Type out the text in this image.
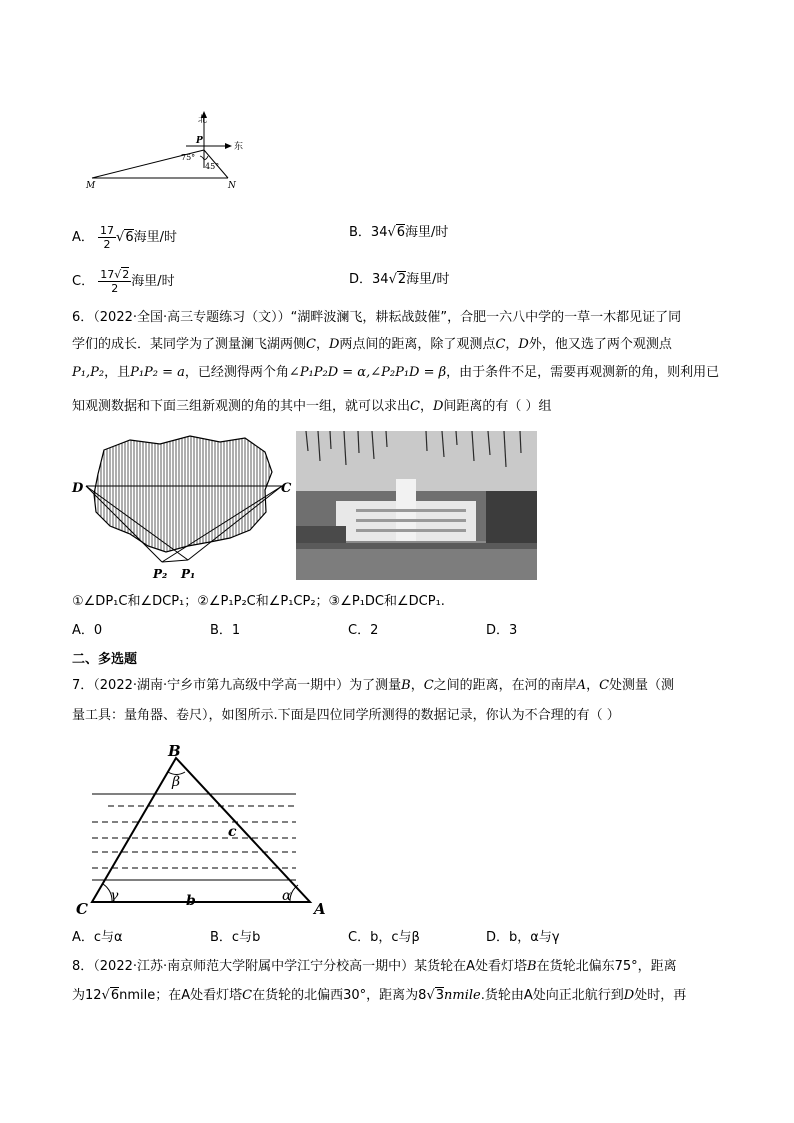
北
东
P
M	N
75°
45°
A． $\frac{17}{2} √6$海里/时	B．34√6海里/时
C． $\frac{17√2}{2}$ 海里/时	D．34√2海里/时
6．（2022·全国·高三专题练习（文））“湖畔波澜飞，耕耘战鼓催”，合肥一六八中学的一草一木都见证了同
学们的成长．某同学为了测量澜飞湖两侧C，D两点间的距离，除了观测点C，D外，他又选了两个观测点
P₁,P₂，且P₁P₂ = a，已经测得两个角∠P₁P₂D = α,∠P₂P₁D = β，由于条件不足，需要再观测新的角，则利用已
知观测数据和下面三组新观测的角的其中一组，就可以求出C，D间距离的有（ ）组
D	C
P₂ P₁
①∠DP₁C和∠DCP₁；②∠P₁P₂C和∠P₁CP₂；③∠P₁DC和∠DCP₁.
A．0	B．1	C．2	D．3
二、多选题
7．（2022·湖南·宁乡市第九高级中学高一期中）为了测量B，C之间的距离，在河的南岸A，C处测量（测
量工具：量角器、卷尺），如图所示.下面是四位同学所测得的数据记录，你认为不合理的有（ ）
B
β
c
γ	α
b
C	A
A．c与α	B．c与b	C．b，c与β	D．b，α与γ
8．（2022·江苏·南京师范大学附属中学江宁分校高一期中）某货轮在A处看灯塔B在货轮北偏东75°，距离
为12√6nmile；在A处看灯塔C在货轮的北偏西30°，距离为8√3nmile.货轮由A处向正北航行到D处时，再
